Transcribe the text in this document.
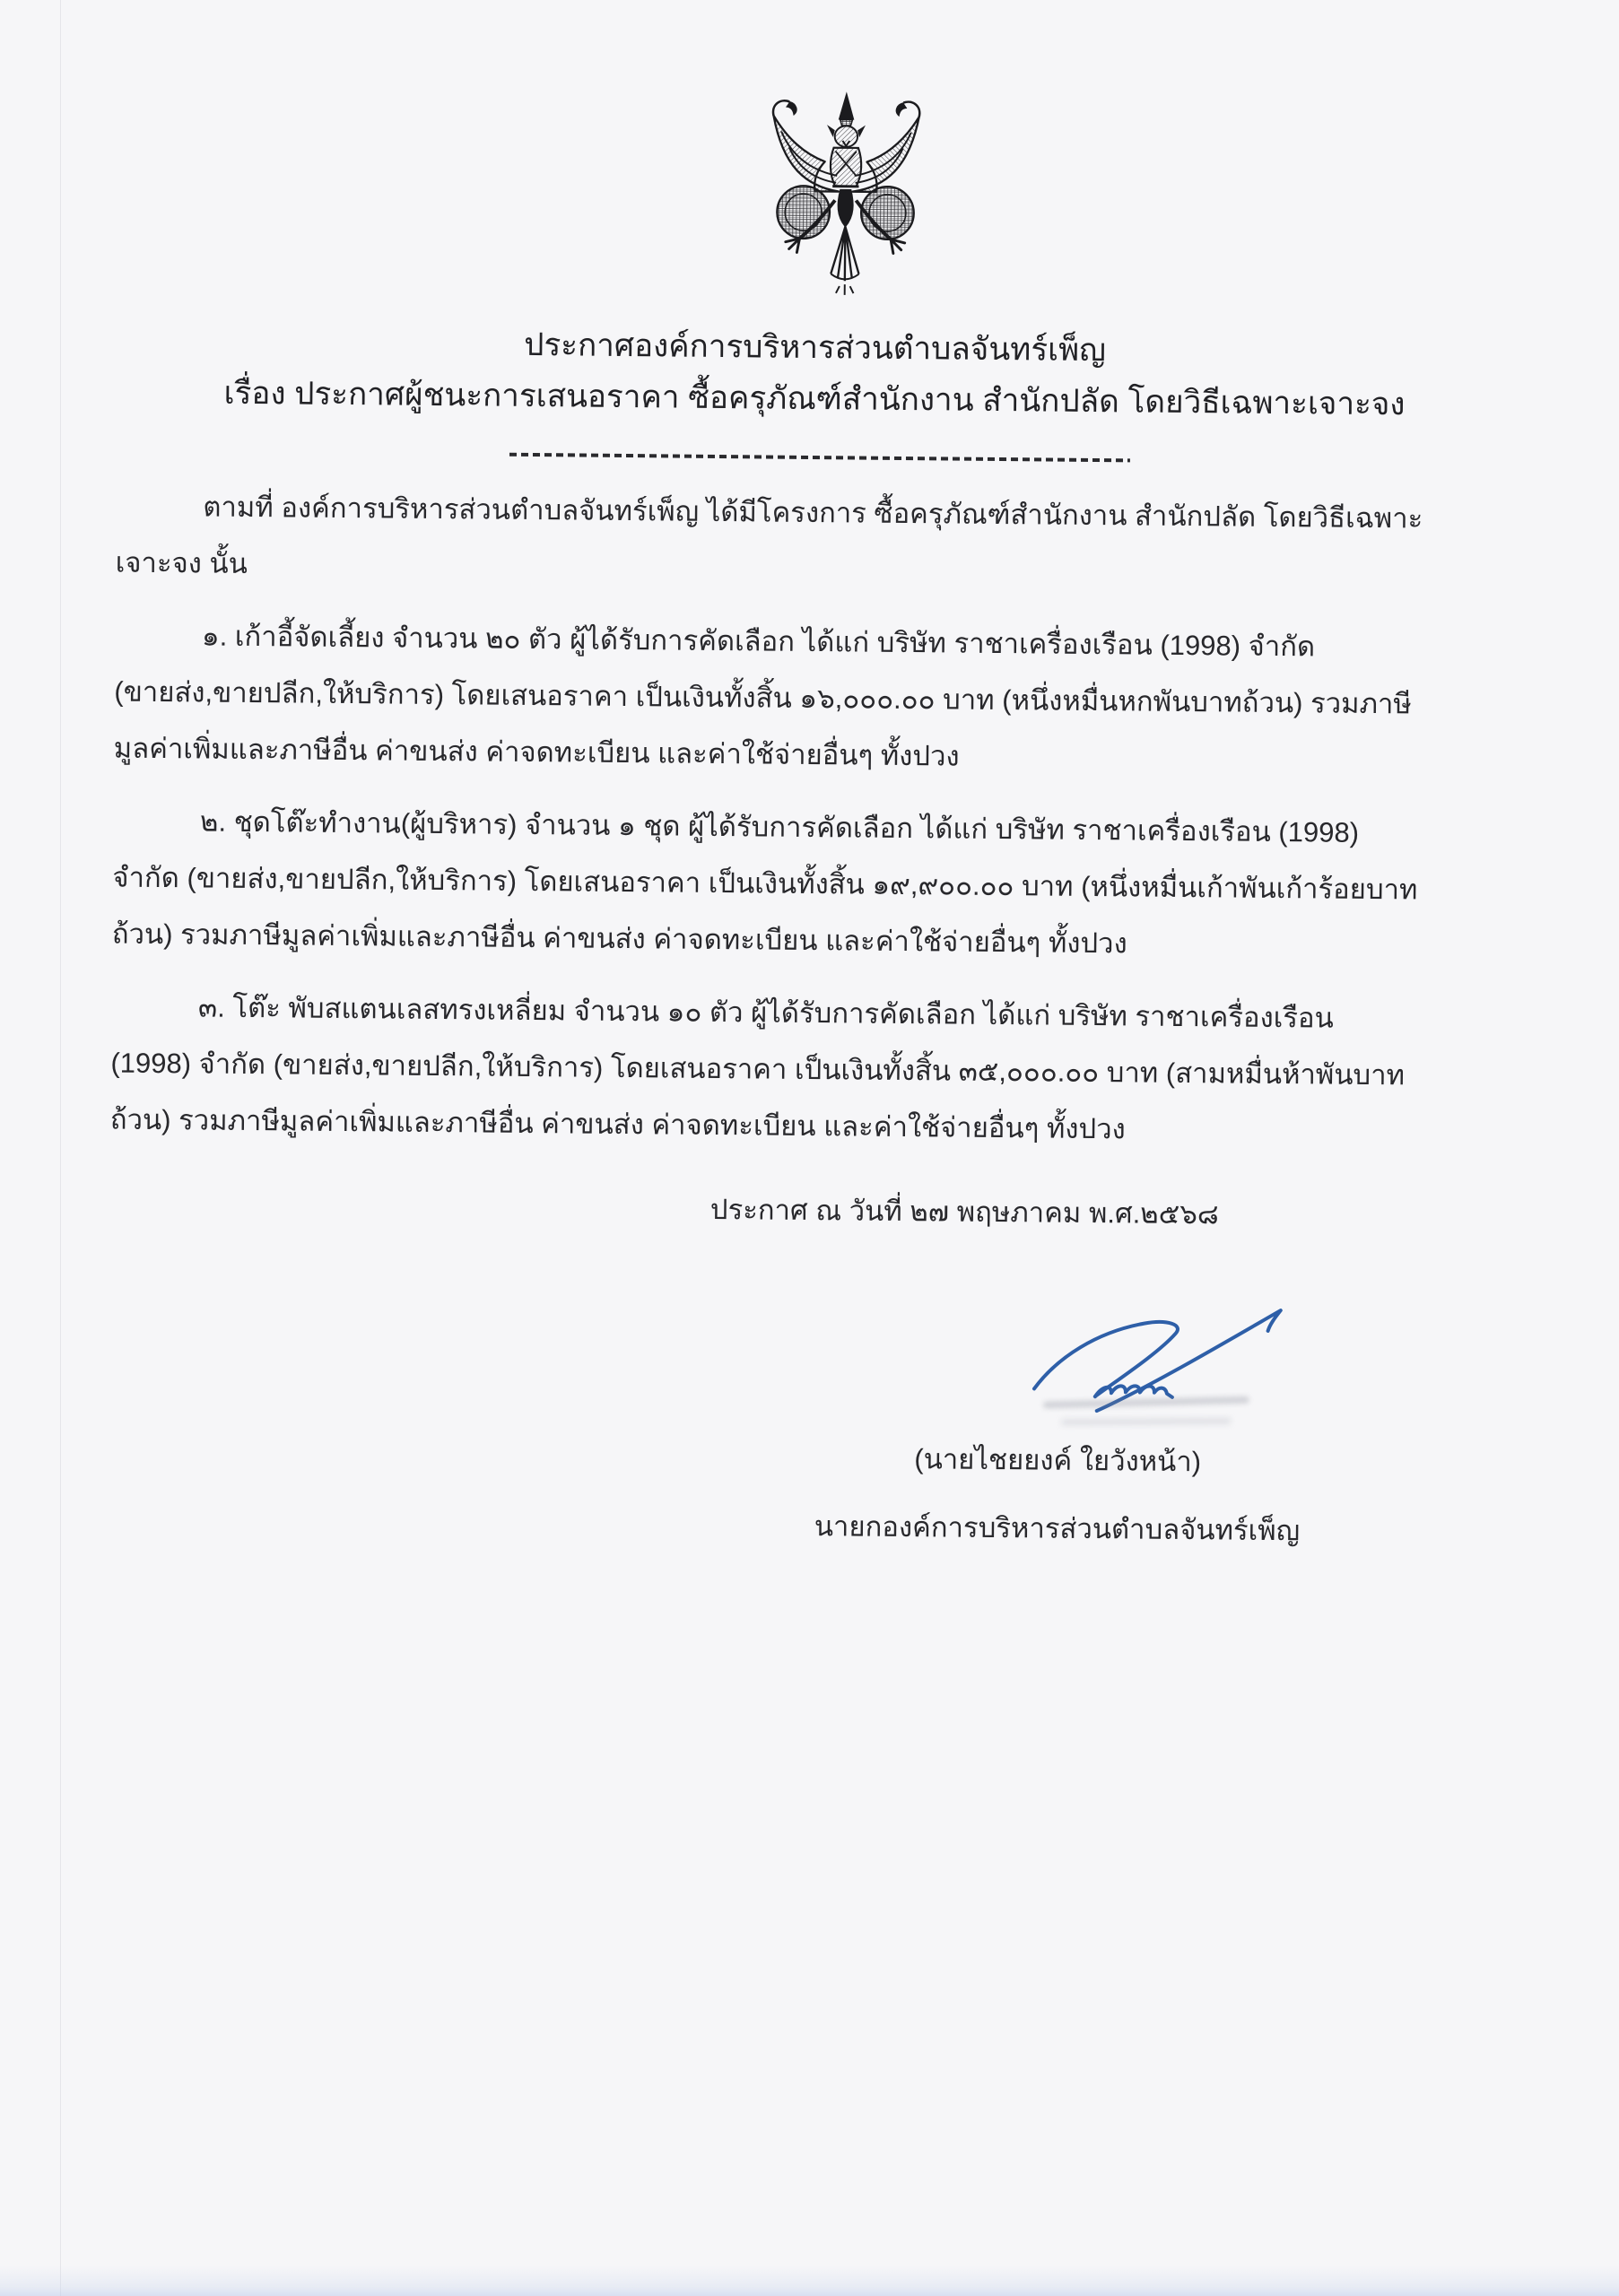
ประกาศองค์การบริหารส่วนตำบลจันทร์เพ็ญ
เรื่อง ประกาศผู้ชนะการเสนอราคา ซื้อครุภัณฑ์สำนักงาน สำนักปลัด โดยวิธีเฉพาะเจาะจง
ตามที่ องค์การบริหารส่วนตำบลจันทร์เพ็ญ ได้มีโครงการ ซื้อครุภัณฑ์สำนักงาน สำนักปลัด โดยวิธีเฉพาะ
เจาะจง นั้น
๑. เก้าอี้จัดเลี้ยง จำนวน ๒๐ ตัว ผู้ได้รับการคัดเลือก ได้แก่ บริษัท ราชาเครื่องเรือน (1998) จำกัด
(ขายส่ง,ขายปลีก,ให้บริการ) โดยเสนอราคา เป็นเงินทั้งสิ้น ๑๖,๐๐๐.๐๐ บาท (หนึ่งหมื่นหกพันบาทถ้วน) รวมภาษี
มูลค่าเพิ่มและภาษีอื่น ค่าขนส่ง ค่าจดทะเบียน และค่าใช้จ่ายอื่นๆ ทั้งปวง
๒. ชุดโต๊ะทำงาน(ผู้บริหาร) จำนวน ๑ ชุด ผู้ได้รับการคัดเลือก ได้แก่ บริษัท ราชาเครื่องเรือน (1998)
จำกัด (ขายส่ง,ขายปลีก,ให้บริการ) โดยเสนอราคา เป็นเงินทั้งสิ้น ๑๙,๙๐๐.๐๐ บาท (หนึ่งหมื่นเก้าพันเก้าร้อยบาท
ถ้วน) รวมภาษีมูลค่าเพิ่มและภาษีอื่น ค่าขนส่ง ค่าจดทะเบียน และค่าใช้จ่ายอื่นๆ ทั้งปวง
๓. โต๊ะ พับสแตนเลสทรงเหลี่ยม จำนวน ๑๐ ตัว ผู้ได้รับการคัดเลือก ได้แก่ บริษัท ราชาเครื่องเรือน
(1998) จำกัด (ขายส่ง,ขายปลีก,ให้บริการ) โดยเสนอราคา เป็นเงินทั้งสิ้น ๓๕,๐๐๐.๐๐ บาท (สามหมื่นห้าพันบาท
ถ้วน) รวมภาษีมูลค่าเพิ่มและภาษีอื่น ค่าขนส่ง ค่าจดทะเบียน และค่าใช้จ่ายอื่นๆ ทั้งปวง
ประกาศ ณ วันที่ ๒๗ พฤษภาคม พ.ศ.๒๕๖๘
(นายไชยยงค์ ใยวังหน้า)
นายกองค์การบริหารส่วนตำบลจันทร์เพ็ญ
